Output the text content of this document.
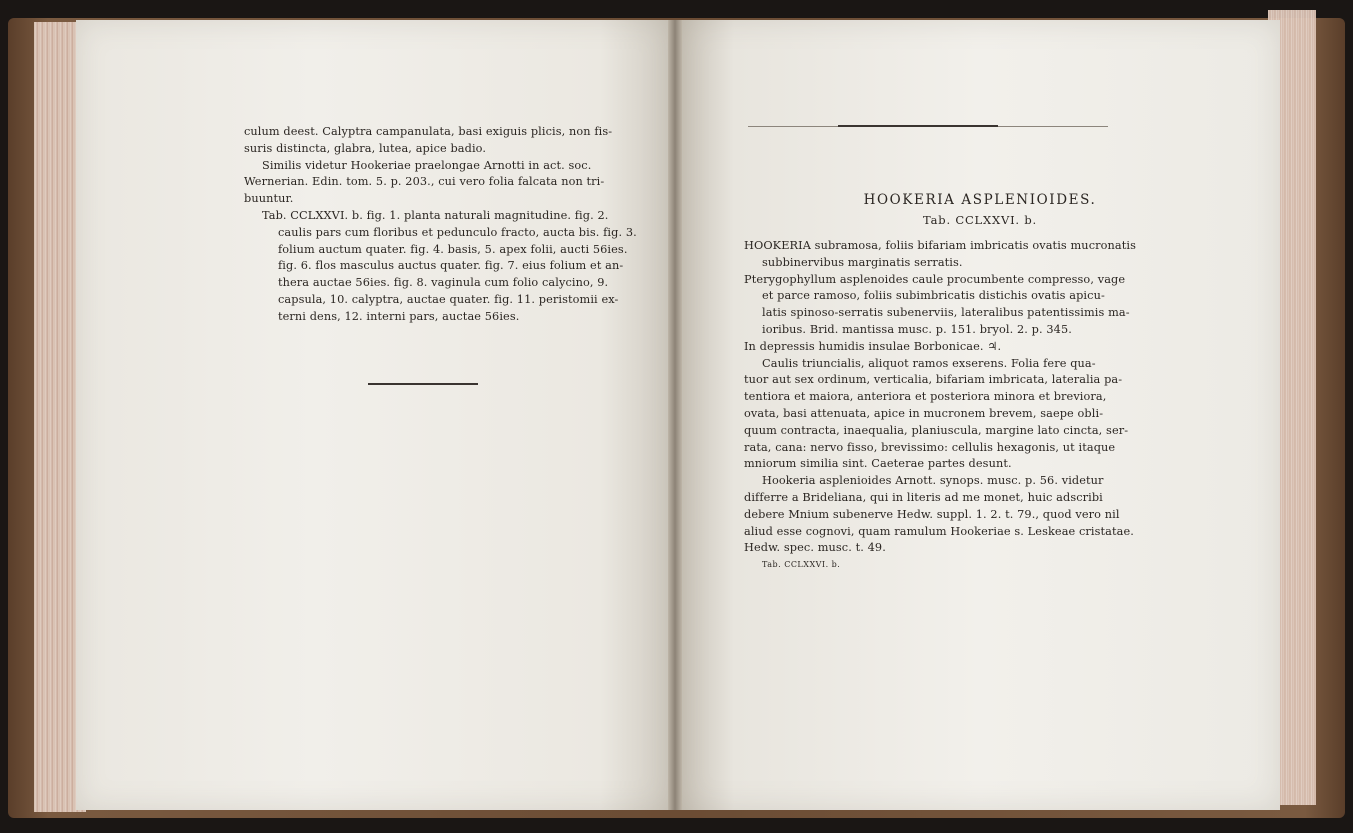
culum deest. Calyptra campanulata, basi exiguis plicis, non fis-
suris distincta, glabra, lutea, apice badio.
Similis videtur Hookeriae praelongae Arnotti in act. soc.
Wernerian. Edin. tom. 5. p. 203., cui vero folia falcata non tri-
buuntur.
Tab. CCLXXVI. b. fig. 1. planta naturali magnitudine. fig. 2.
caulis pars cum floribus et pedunculo fracto, aucta bis. fig. 3.
folium auctum quater. fig. 4. basis, 5. apex folii, aucti 56ies.
fig. 6. flos masculus auctus quater. fig. 7. eius folium et an-
thera auctae 56ies. fig. 8. vaginula cum folio calycino, 9.
capsula, 10. calyptra, auctae quater. fig. 11. peristomii ex-
terni dens, 12. interni pars, auctae 56ies.
HOOKERIA ASPLENIOIDES.
Tab. CCLXXVI. b.
HOOKERIA subramosa, foliis bifariam imbricatis ovatis mucronatis
subbinervibus marginatis serratis.
Pterygophyllum asplenoides caule procumbente compresso, vage
et parce ramoso, foliis subimbricatis distichis ovatis apicu-
latis spinoso-serratis subenerviis, lateralibus patentissimis ma-
ioribus. Brid. mantissa musc. p. 151. bryol. 2. p. 345.
In depressis humidis insulae Borbonicae. ♃.
Caulis triuncialis, aliquot ramos exserens. Folia fere qua-
tuor aut sex ordinum, verticalia, bifariam imbricata, lateralia pa-
tentiora et maiora, anteriora et posteriora minora et breviora,
ovata, basi attenuata, apice in mucronem brevem, saepe obli-
quum contracta, inaequalia, planiuscula, margine lato cincta, ser-
rata, cana: nervo fisso, brevissimo: cellulis hexagonis, ut itaque
mniorum similia sint. Caeterae partes desunt.
Hookeria asplenioides Arnott. synops. musc. p. 56. videtur
differre a Brideliana, qui in literis ad me monet, huic adscribi
debere Mnium subenerve Hedw. suppl. 1. 2. t. 79., quod vero nil
aliud esse cognovi, quam ramulum Hookeriae s. Leskeae cristatae.
Hedw. spec. musc. t. 49.
Tab. CCLXXVI. b.
